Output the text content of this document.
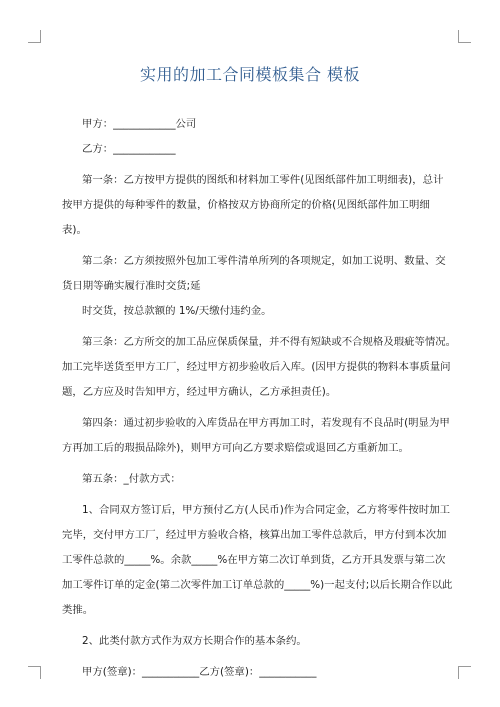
实用的加工合同模板集合 模板
甲方：____________公司
乙方：____________
第一条：乙方按甲方提供的图纸和材料加工零件(见图纸部件加工明细表)，总计
按甲方提供的每种零件的数量，价格按双方协商所定的价格(见图纸部件加工明细
表)。
第二条：乙方须按照外包加工零件清单所列的各项规定，如加工说明、数量、交
货日期等确实履行准时交货;延
时交货，按总款额的 1%/天缴付违约金。
第三条：乙方所交的加工品应保质保量，并不得有短缺或不合规格及瑕疵等情况。
加工完毕送货至甲方工厂，经过甲方初步验收后入库。(因甲方提供的物料本事质量问
题，乙方应及时告知甲方，经过甲方确认，乙方承担责任)。
第四条：通过初步验收的入库货品在甲方再加工时，若发现有不良品时(明显为甲
方再加工后的瑕损品除外)，则甲方可向乙方要求赔偿或退回乙方重新加工。
第五条：_付款方式：
1、合同双方签订后，甲方预付乙方(人民币)作为合同定金，乙方将零件按时加工
完毕，交付甲方工厂，经过甲方验收合格，核算出加工零件总款后，甲方付到本次加
工零件总款的_____%。余款_____%在甲方第二次订单到货，乙方开具发票与第二次
加工零件订单的定金(第二次零件加工订单总款的_____%)一起支付;以后长期合作以此
类推。
2、此类付款方式作为双方长期合作的基本条约。
甲方(签章)：___________乙方(签章)：___________
